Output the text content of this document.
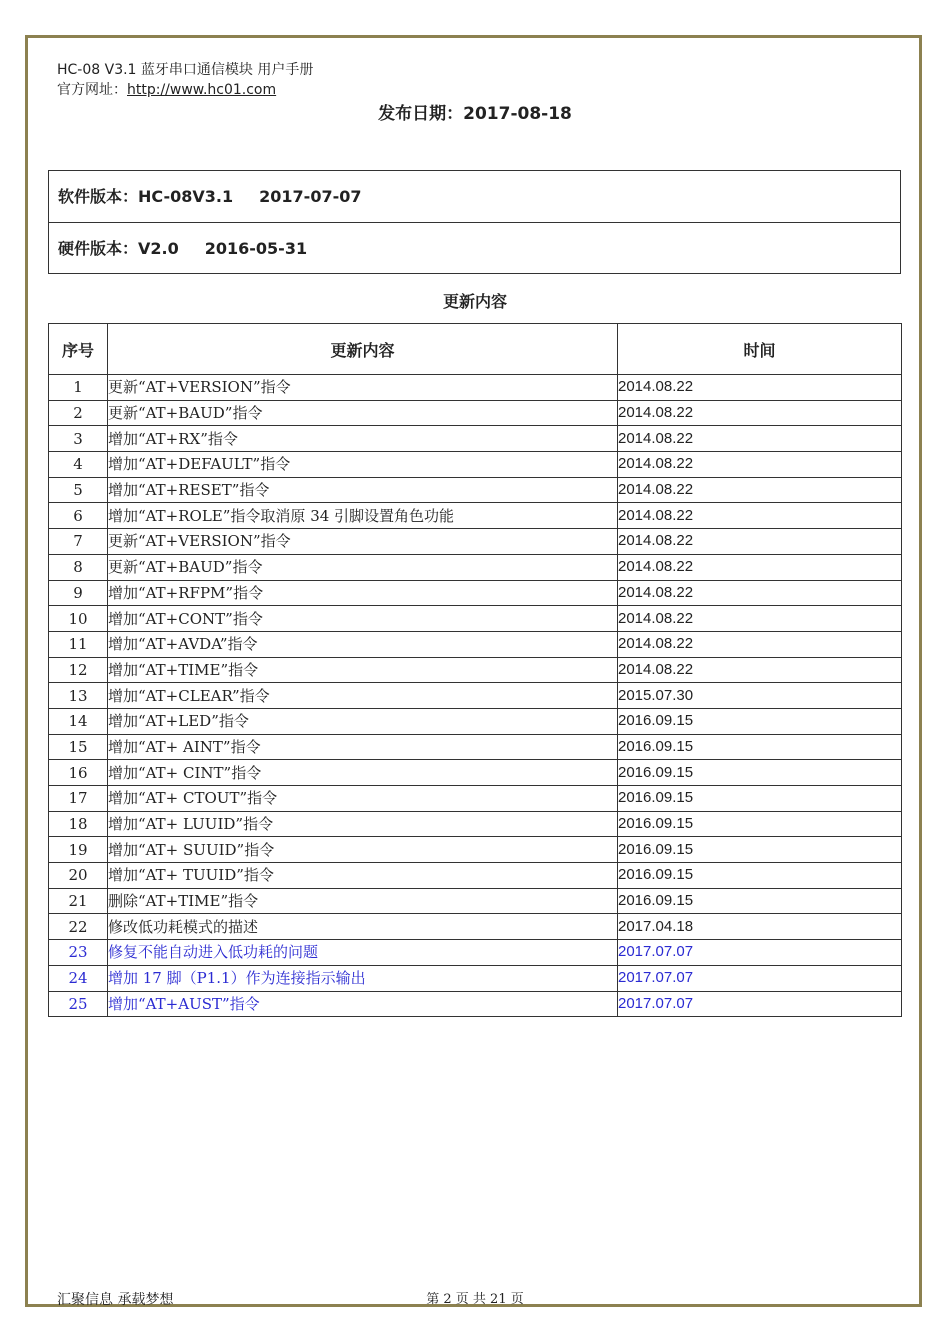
HC-08 V3.1 蓝牙串口通信模块 用户手册
官方网址：http://www.hc01.com
发布日期：2017-08-18
软件版本：HC-08V3.1 2017-07-07
硬件版本：V2.0 2016-05-31
更新内容
序号	更新内容	时间
1	更新“AT+VERSION”指令	2014.08.22
2	更新“AT+BAUD”指令	2014.08.22
3	增加“AT+RX”指令	2014.08.22
4	增加“AT+DEFAULT”指令	2014.08.22
5	增加“AT+RESET”指令	2014.08.22
6	增加“AT+ROLE”指令取消原 34 引脚设置角色功能	2014.08.22
7	更新“AT+VERSION”指令	2014.08.22
8	更新“AT+BAUD”指令	2014.08.22
9	增加“AT+RFPM”指令	2014.08.22
10	增加“AT+CONT”指令	2014.08.22
11	增加“AT+AVDA”指令	2014.08.22
12	增加“AT+TIME”指令	2014.08.22
13	增加“AT+CLEAR”指令	2015.07.30
14	增加“AT+LED”指令	2016.09.15
15	增加“AT+ AINT”指令	2016.09.15
16	增加“AT+ CINT”指令	2016.09.15
17	增加“AT+ CTOUT”指令	2016.09.15
18	增加“AT+ LUUID”指令	2016.09.15
19	增加“AT+ SUUID”指令	2016.09.15
20	增加“AT+ TUUID”指令	2016.09.15
21	删除“AT+TIME”指令	2016.09.15
22	修改低功耗模式的描述	2017.04.18
23	修复不能自动进入低功耗的问题	2017.07.07
24	增加 17 脚（P1.1）作为连接指示输出	2017.07.07
25	增加“AT+AUST”指令	2017.07.07
汇聚信息 承载梦想	第 2 页 共 21 页
